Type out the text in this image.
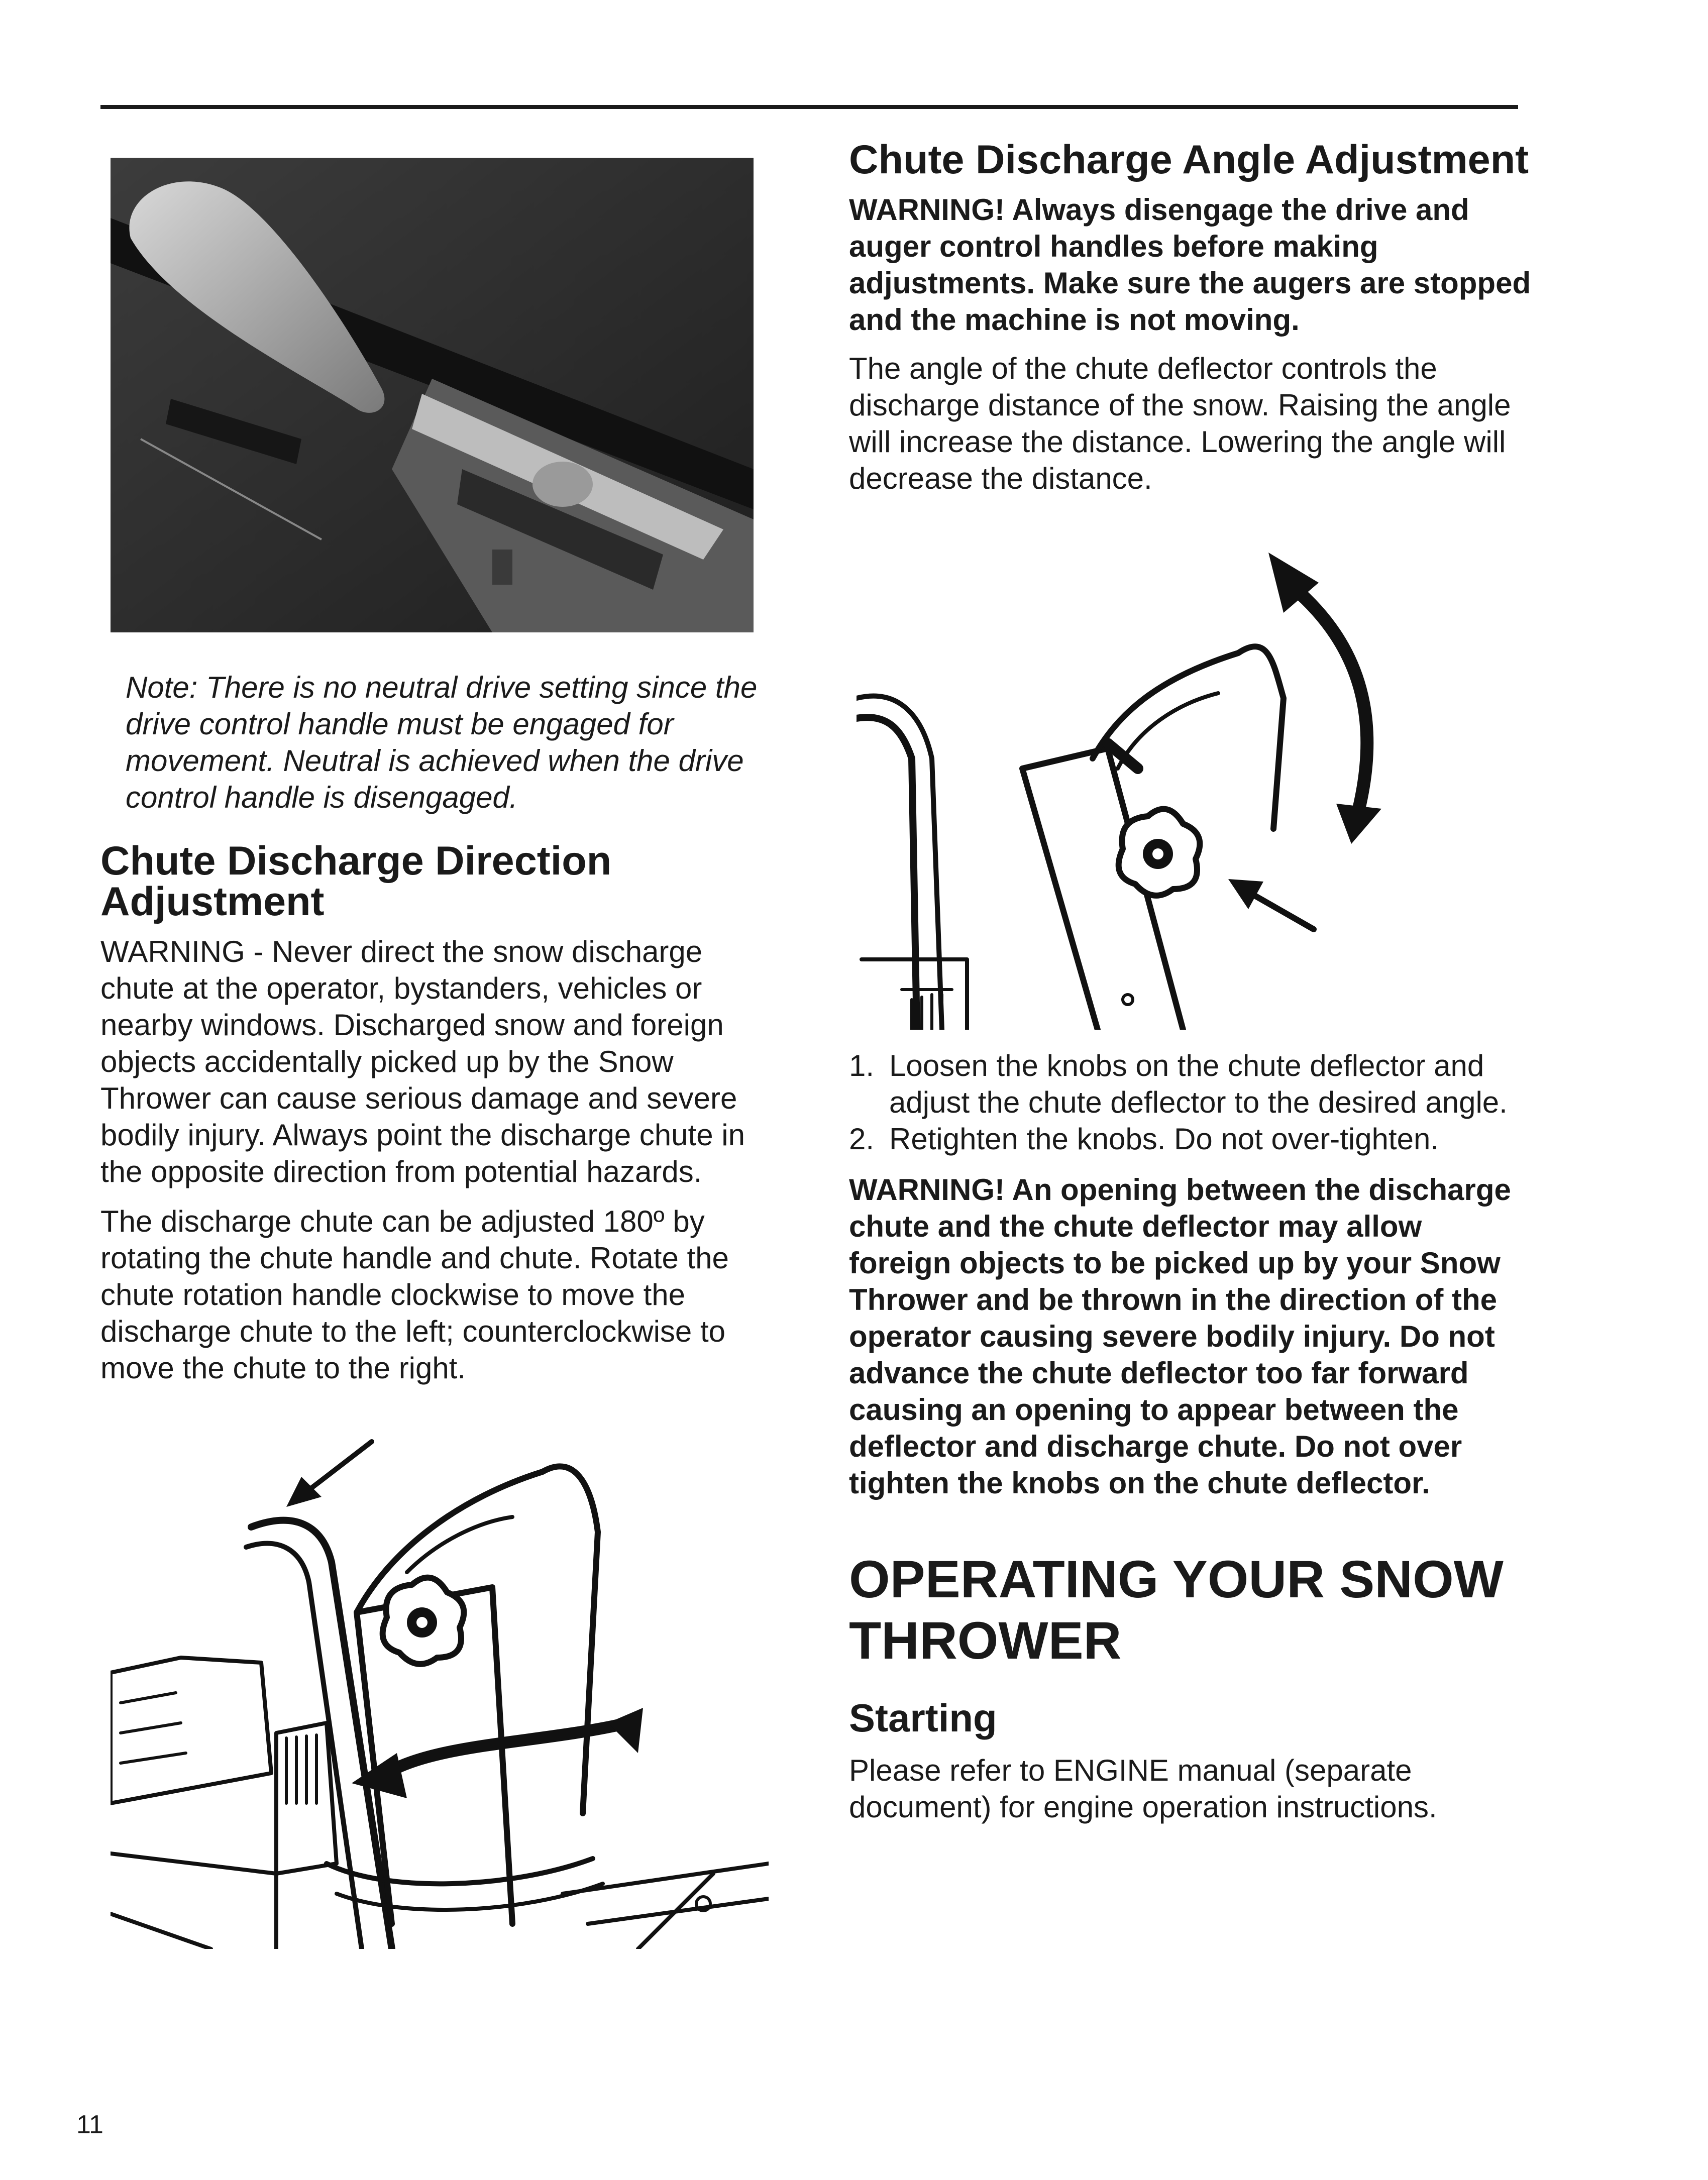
Chute Discharge Angle Adjustment

WARNING! Always disengage the drive and auger control handles before making adjustments. Make sure the augers are stopped and the machine is not moving.

The angle of the chute deflector controls the discharge distance of the snow. Raising the angle will increase the distance. Lowering the angle will decrease the distance.

1. Loosen the knobs on the chute deflector and adjust the chute deflector to the desired angle.
2. Retighten the knobs. Do not over-tighten.

WARNING! An opening between the discharge chute and the chute deflector may allow foreign objects to be picked up by your Snow Thrower and be thrown in the direction of the operator causing severe bodily injury. Do not advance the chute deflector too far forward causing an opening to appear between the deflector and discharge chute. Do not over tighten the knobs on the chute deflector.

OPERATING YOUR SNOW
THROWER
Starting

Please refer to ENGINE manual (separate document) for engine operation instructions.

Note: There is no neutral drive setting since the drive control handle must be engaged for movement. Neutral is achieved when the drive control handle is disengaged.

Chute Discharge Direction
Adjustment

WARNING - Never direct the snow discharge chute at the operator, bystanders, vehicles or nearby windows. Discharged snow and foreign objects accidentally picked up by the Snow Thrower can cause serious damage and severe bodily injury. Always point the discharge chute in the opposite direction from potential hazards.

The discharge chute can be adjusted 180º by rotating the chute handle and chute. Rotate the chute rotation handle clockwise to move the discharge chute to the left; counterclockwise to move the chute to the right.

11
